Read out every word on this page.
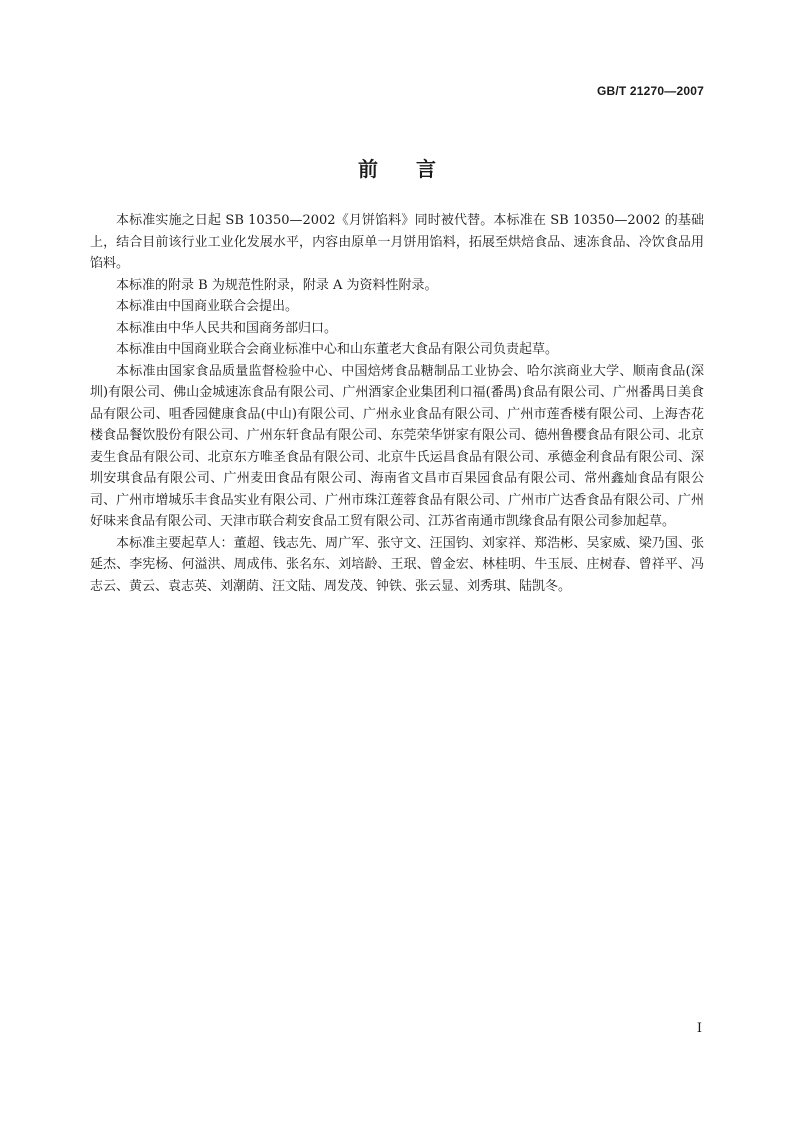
GB/T 21270—2007
前言

本标准实施之日起 SB 10350—2002《月饼馅料》同时被代替。本标准在 SB 10350—2002 的基础上，结合目前该行业工业化发展水平，内容由原单一月饼用馅料，拓展至烘焙食品、速冻食品、冷饮食品用馅料。

本标准的附录 B 为规范性附录，附录 A 为资料性附录。

本标准由中国商业联合会提出。

本标准由中华人民共和国商务部归口。

本标准由中国商业联合会商业标准中心和山东董老大食品有限公司负责起草。

本标准由国家食品质量监督检验中心、中国焙烤食品糖制品工业协会、哈尔滨商业大学、顺南食品(深圳)有限公司、佛山金城速冻食品有限公司、广州酒家企业集团利口福(番禺)食品有限公司、广州番禺日美食品有限公司、咀香园健康食品(中山)有限公司、广州永业食品有限公司、广州市莲香楼有限公司、上海杏花楼食品餐饮股份有限公司、广州东轩食品有限公司、东莞荣华饼家有限公司、德州鲁樱食品有限公司、北京麦生食品有限公司、北京东方唯圣食品有限公司、北京牛氏运昌食品有限公司、承德金利食品有限公司、深圳安琪食品有限公司、广州麦田食品有限公司、海南省文昌市百果园食品有限公司、常州鑫灿食品有限公司、广州市增城乐丰食品实业有限公司、广州市珠江莲蓉食品有限公司、广州市广达香食品有限公司、广州好味来食品有限公司、天津市联合莉安食品工贸有限公司、江苏省南通市凯缘食品有限公司参加起草。

本标准主要起草人：董超、钱志先、周广军、张守文、汪国钧、刘家祥、郑浩彬、吴家威、梁乃国、张延杰、李宪杨、何溢洪、周成伟、张名东、刘培龄、王珉、曾金宏、林桂明、牛玉辰、庄树春、曾祥平、冯志云、黄云、袁志英、刘潮荫、汪文陆、周发茂、钟铁、张云显、刘秀琪、陆凯冬。

I
